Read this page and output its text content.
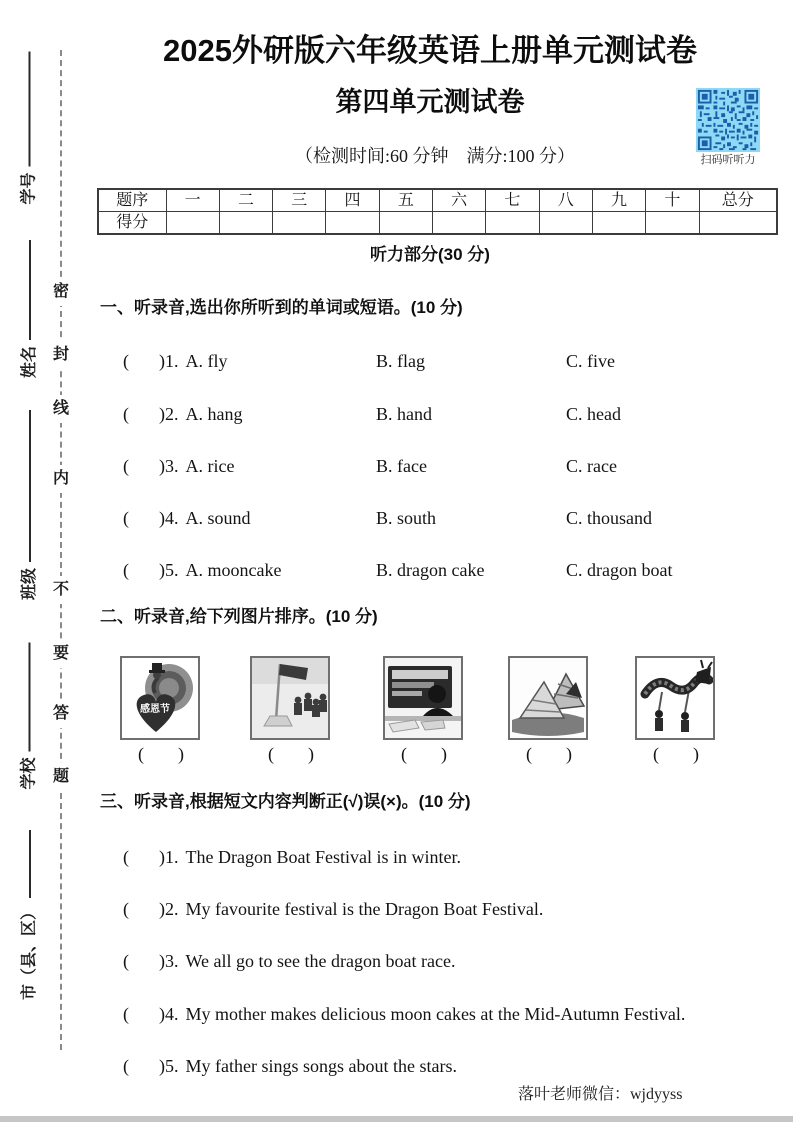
密
封
线
内
不
要
答
题
学号
姓名
班级
学校
市（县、区）
2025外研版六年级英语上册单元测试卷
第四单元测试卷
（检测时间:60 分钟　满分:100 分）	扫码听听力
题序	一	二	三	四	五	六	七	八	九	十	总分
得分											
听力部分(30 分)
一、听录音,选出你所听到的单词或短语。(10 分)
( )1. A. fly	B. flag	C. five
( )2. A. hang	B. hand	C. head
( )3. A. rice	B. face	C. race
( )4. A. sound	B. south	C. thousand
( )5. A. mooncake	B. dragon cake	C. dragon boat
二、听录音,给下列图片排序。(10 分)
感恩节
( )	( )	( )	( )	( )
三、听录音,根据短文内容判断正(√)误(×)。(10 分)
( )1. The Dragon Boat Festival is in winter.
( )2. My favourite festival is the Dragon Boat Festival.
( )3. We all go to see the dragon boat race.
( )4. My mother makes delicious moon cakes at the Mid-Autumn Festival.
( )5. My father sings songs about the stars.
落叶老师微信：wjdyyss
